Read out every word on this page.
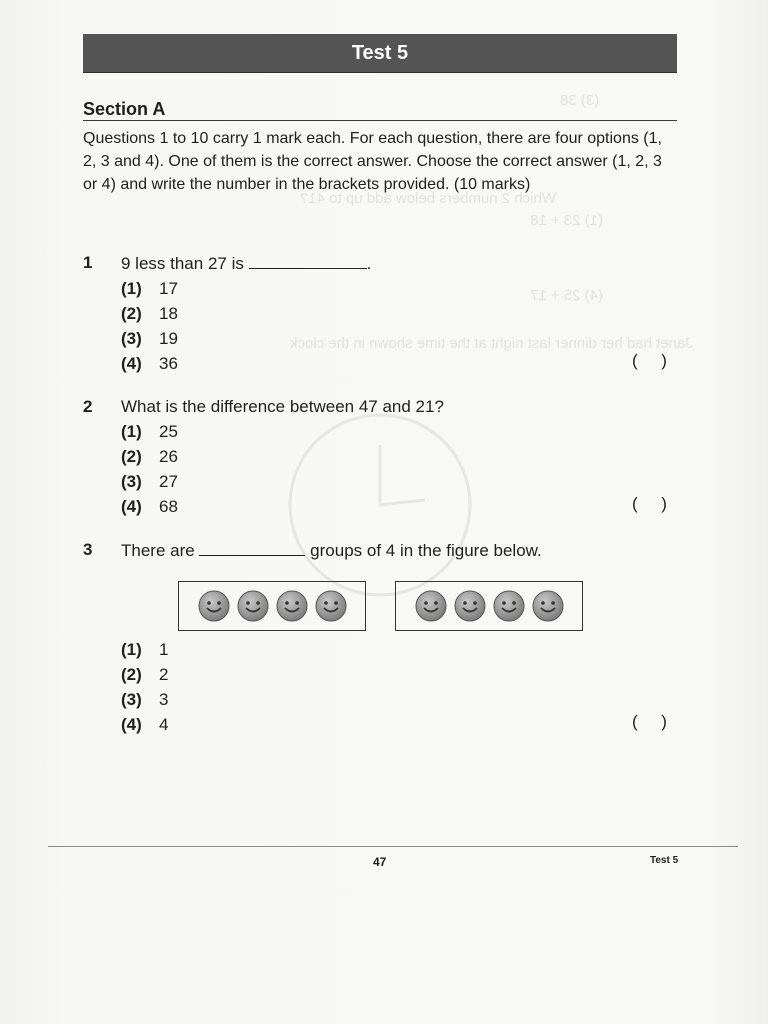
(3) 38
Which 2 numbers below add up to 41?
(1) 23 + 18
(4) 25 + 17
Janet had her dinner last night at the time shown in the clock
Test 5
Section A
Questions 1 to 10 carry 1 mark each. For each question, there are four options (1, 2, 3 and 4). One of them is the correct answer. Choose the correct answer (1, 2, 3 or 4) and write the number in the brackets provided. (10 marks)
1 9 less than 27 is	.
(1) 17
(2) 18
(3) 19
(4) 36	(     )
2 What is the difference between 47 and 21?
(1) 25
(2) 26
(3) 27
(4) 68	(     )
3 There are	groups of 4 in the figure below.
(1) 1
(2) 2
(3) 3
(4) 4	(     )
47	Test 5
